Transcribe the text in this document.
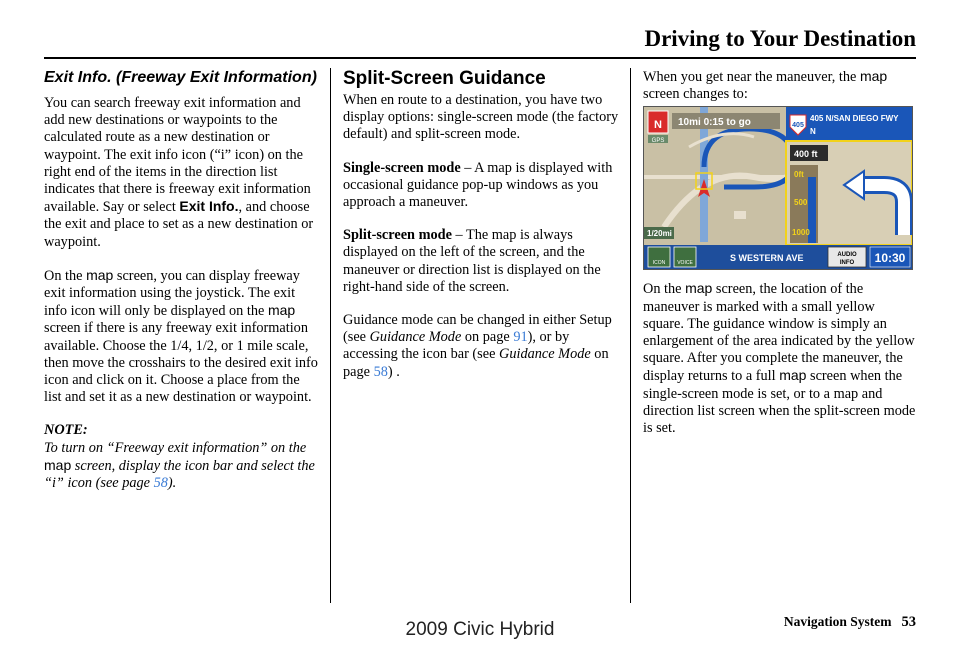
Driving to Your Destination
Exit Info. (Freeway Exit Information)

You can search freeway exit information and add new destinations or waypoints to the calculated route as a new destination or waypoint. The exit info icon (“i” icon) on the right end of the items in the direction list indicates that there is freeway exit information available. Say or select Exit Info., and choose the exit and place to set as a new destination or waypoint.

On the map screen, you can display freeway exit information using the joystick. The exit info icon will only be displayed on the map screen if there is any freeway exit information available. Choose the 1/4, 1/2, or 1 mile scale, then move the crosshairs to the desired exit info icon and click on it. Choose a place from the list and set it as a new destination or waypoint.

NOTE:

To turn on “Freeway exit information” on the map screen, display the icon bar and select the “i” icon (see page 58).

Split-Screen Guidance

When en route to a destination, you have two display options: single-screen mode (the factory default) and split-screen mode.

Single-screen mode – A map is displayed with occasional guidance pop-up windows as you approach a maneuver.

Split-screen mode – The map is always displayed on the left of the screen, and the maneuver or direction list is displayed on the right-hand side of the screen.

Guidance mode can be changed in either Setup (see Guidance Mode on page 91), or by accessing the icon bar (see Guidance Mode on page 58) .

When you get near the maneuver, the map screen changes to:

N
GPS
10mi 0:15 to go	405
405 N/SAN DIEGO FWY
N
400 ft
0ft
500
1000
1/20mi
ICON VOICE	S WESTERN AVE	AUDIO
INFO 10:30

On the map screen, the location of the maneuver is marked with a small yellow square. The guidance window is simply an enlargement of the area indicated by the yellow square. After you complete the maneuver, the display returns to a full map screen when the single-screen mode is set, or to a map and direction list screen when the split-screen mode is set.

Navigation System 53
2009 Civic Hybrid
